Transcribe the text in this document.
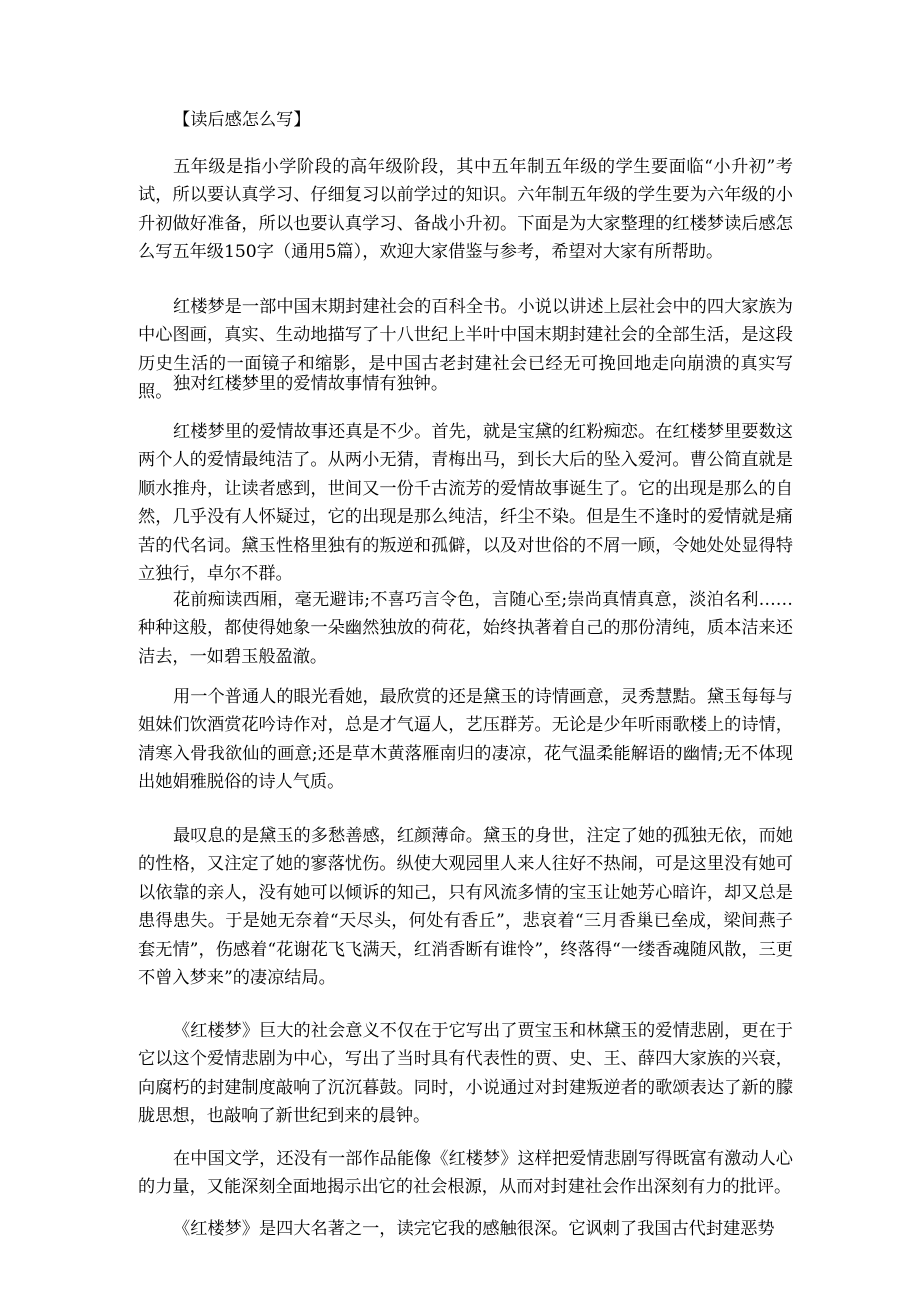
【读后感怎么写】

五年级是指小学阶段的高年级阶段，其中五年制五年级的学生要面临“小升初”考试，所以要认真学习、仔细复习以前学过的知识。六年制五年级的学生要为六年级的小升初做好准备，所以也要认真学习、备战小升初。下面是为大家整理的红楼梦读后感怎么写五年级150字（通用5篇），欢迎大家借鉴与参考，希望对大家有所帮助。

红楼梦是一部中国末期封建社会的百科全书。小说以讲述上层社会中的四大家族为中心图画，真实、生动地描写了十八世纪上半叶中国末期封建社会的全部生活，是这段历史生活的一面镜子和缩影，是中国古老封建社会已经无可挽回地走向崩溃的真实写照。 独对红楼梦里的爱情故事情有独钟。

红楼梦里的爱情故事还真是不少。首先，就是宝黛的红粉痴恋。在红楼梦里要数这两个人的爱情最纯洁了。从两小无猜，青梅出马，到长大后的坠入爱河。曹公简直就是顺水推舟，让读者感到，世间又一份千古流芳的爱情故事诞生了。它的出现是那么的自然，几乎没有人怀疑过，它的出现是那么纯洁，纤尘不染。但是生不逢时的爱情就是痛苦的代名词。黛玉性格里独有的叛逆和孤僻，以及对世俗的不屑一顾，令她处处显得特立独行，卓尔不群。

花前痴读西厢，毫无避讳;不喜巧言令色，言随心至;崇尚真情真意，淡泊名利……种种这般，都使得她象一朵幽然独放的荷花，始终执著着自己的那份清纯，质本洁来还洁去，一如碧玉般盈澈。

用一个普通人的眼光看她，最欣赏的还是黛玉的诗情画意，灵秀慧黠。黛玉每每与姐妹们饮酒赏花吟诗作对，总是才气逼人，艺压群芳。无论是少年听雨歌楼上的诗情，清寒入骨我欲仙的画意;还是草木黄落雁南归的凄凉，花气温柔能解语的幽情;无不体现出她娟雅脱俗的诗人气质。

最叹息的是黛玉的多愁善感，红颜薄命。黛玉的身世，注定了她的孤独无依，而她的性格，又注定了她的寥落忧伤。纵使大观园里人来人往好不热闹，可是这里没有她可以依靠的亲人，没有她可以倾诉的知己，只有风流多情的宝玉让她芳心暗许，却又总是患得患失。于是她无奈着“天尽头，何处有香丘”，悲哀着“三月香巢已垒成，梁间燕子套无情”，伤感着“花谢花飞飞满天，红消香断有谁怜”，终落得“一缕香魂随风散，三更不曾入梦来”的凄凉结局。

《红楼梦》巨大的社会意义不仅在于它写出了贾宝玉和林黛玉的爱情悲剧，更在于它以这个爱情悲剧为中心，写出了当时具有代表性的贾、史、王、薛四大家族的兴衰，向腐朽的封建制度敲响了沉沉暮鼓。同时，小说通过对封建叛逆者的歌颂表达了新的朦胧思想，也敲响了新世纪到来的晨钟。

在中国文学，还没有一部作品能像《红楼梦》这样把爱情悲剧写得既富有激动人心的力量，又能深刻全面地揭示出它的社会根源，从而对封建社会作出深刻有力的批评。

《红楼梦》是四大名著之一，读完它我的感触很深。它讽刺了我国古代封建恶势
